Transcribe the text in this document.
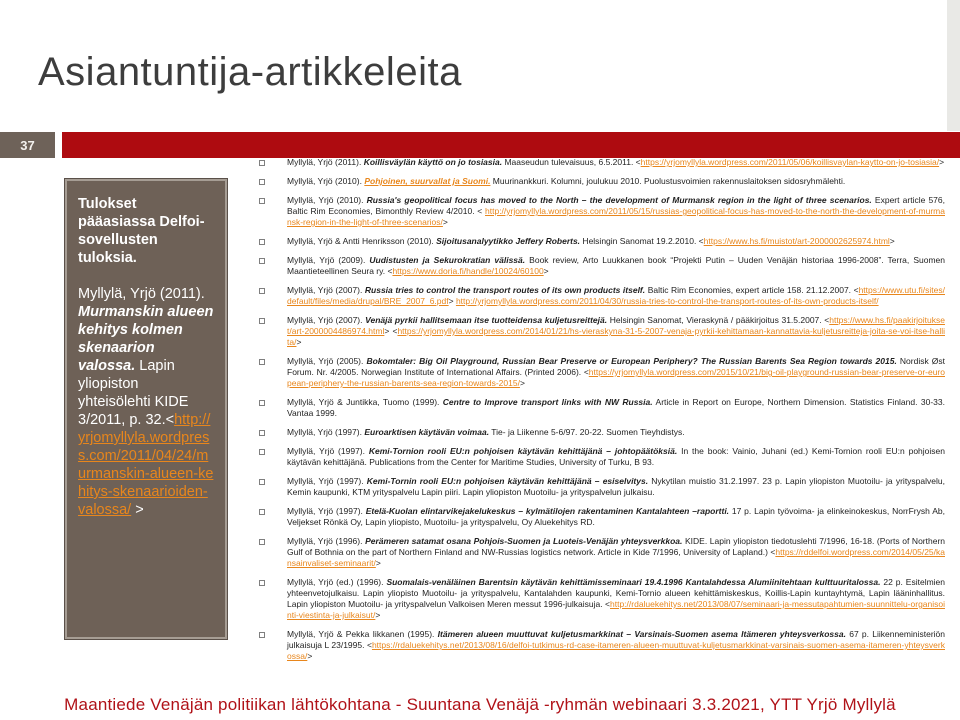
Asiantuntija-artikkeleita
37

Tulokset pääasiassa Delfoi-sovellusten tuloksia.

Myllylä, Yrjö (2011). Murmanskin alueen kehitys kolmen skenaarion valossa. Lapin yliopiston yhteisölehti KIDE 3/2011, p. 32.<http://yrjomyllyla.wordpress.com/2011/04/24/murmanskin-alueen-kehitys-skenaarioiden-valossa/ >

Myllylä, Yrjö (2011). Koillisväylän käyttö on jo tosiasia. Maaseudun tulevaisuus, 6.5.2011. <https://yrjomyllyla.wordpress.com/2011/05/06/koillisvaylan-kaytto-on-jo-tosiasia/>
Myllylä, Yrjö (2010). Pohjoinen, suurvallat ja Suomi. Muurinankkuri. Kolumni, joulukuu 2010. Puolustusvoimien rakennuslaitoksen sidosryhmälehti.
Myllylä, Yrjö (2010). Russia's geopolitical focus has moved to the North – the development of Murmansk region in the light of three scenarios. Expert article 576, Baltic Rim Economies, Bimonthly Review 4/2010. < http://yrjomyllyla.wordpress.com/2011/05/15/russias-geopolitical-focus-has-moved-to-the-north-the-development-of-murmansk-region-in-the-light-of-three-scenarios/>
Myllylä, Yrjö & Antti Henriksson (2010). Sijoitusanalyytikko Jeffery Roberts. Helsingin Sanomat 19.2.2010. <https://www.hs.fi/muistot/art-2000002625974.html>
Myllylä, Yrjö (2009). Uudistusten ja Sekurokratian välissä. Book review, Arto Luukkanen book “Projekti Putin – Uuden Venäjän historiaa 1996-2008”. Terra, Suomen Maantieteellinen Seura ry. <https://www.doria.fi/handle/10024/60100>
Myllylä, Yrjö (2007). Russia tries to control the transport routes of its own products itself. Baltic Rim Economies, expert article 158. 21.12.2007. <https://www.utu.fi/sites/default/files/media/drupal/BRE_2007_6.pdf> http://yrjomyllyla.wordpress.com/2011/04/30/russia-tries-to-control-the-transport-routes-of-its-own-products-itself/
Myllylä, Yrjö (2007). Venäjä pyrkii hallitsemaan itse tuotteidensa kuljetusreittejä. Helsingin Sanomat, Vieraskynä / pääkirjoitus 31.5.2007. <https://www.hs.fi/paakirjoitukset/art-2000004486974.html> <https://yrjomyllyla.wordpress.com/2014/01/21/hs-vieraskyna-31-5-2007-venaja-pyrkii-kehittamaan-kannattavia-kuljetusreitteja-joita-se-voi-itse-hallita/>
Myllylä, Yrjö (2005). Bokomtaler: Big Oil Playground, Russian Bear Preserve or European Periphery? The Russian Barents Sea Region towards 2015. Nordisk Øst Forum. Nr. 4/2005. Norwegian Institute of International Affairs. (Printed 2006). <https://yrjomyllyla.wordpress.com/2015/10/21/big-oil-playground-russian-bear-preserve-or-european-periphery-the-russian-barents-sea-region-towards-2015/>
Myllylä, Yrjö & Juntikka, Tuomo (1999). Centre to Improve transport links with NW Russia. Article in Report on Europe, Northern Dimension. Statistics Finland. 30-33. Vantaa 1999.
Myllylä, Yrjö (1997). Euroarktisen käytävän voimaa. Tie- ja Liikenne 5-6/97. 20-22. Suomen Tieyhdistys.
Myllylä, Yrjö (1997). Kemi-Tornion rooli EU:n pohjoisen käytävän kehittäjänä – johtopäätöksiä. In the book: Vainio, Juhani (ed.) Kemi-Tornion rooli EU:n pohjoisen käytävän kehittäjänä. Publications from the Center for Maritime Studies, University of Turku, B 93.
Myllylä, Yrjö (1997). Kemi-Tornin rooli EU:n pohjoisen käytävän kehittäjänä – esiselvitys. Nykytilan muistio 31.2.1997. 23 p. Lapin yliopiston Muotoilu- ja yrityspalvelu, Kemin kaupunki, KTM yrityspalvelu Lapin piiri. Lapin yliopiston Muotoilu- ja yrityspalvelun julkaisu.
Myllylä, Yrjö (1997). Etelä-Kuolan elintarvikejakelukeskus – kylmätilojen rakentaminen Kantalahteen –raportti. 17 p. Lapin työvoima- ja elinkeinokeskus, NorrFrysh Ab, Veljekset Rönkä Oy, Lapin yliopisto, Muotoilu- ja yrityspalvelu, Oy Aluekehitys RD.
Myllylä, Yrjö (1996). Perämeren satamat osana Pohjois-Suomen ja Luoteis-Venäjän yhteysverkkoa. KIDE. Lapin yliopiston tiedotuslehti 7/1996, 16-18. (Ports of Northern Gulf of Bothnia on the part of Northern Finland and NW-Russias logistics network. Article in Kide 7/1996, University of Lapland.) <https://rddelfoi.wordpress.com/2014/05/25/kansainvaliset-seminaarit/>
Myllylä, Yrjö (ed.) (1996). Suomalais-venäläinen Barentsin käytävän kehittämisseminaari 19.4.1996 Kantalahdessa Alumiinitehtaan kulttuuritalossa. 22 p. Esitelmien yhteenvetojulkaisu. Lapin yliopisto Muotoilu- ja yrityspalvelu, Kantalahden kaupunki, Kemi-Tornio alueen kehittämiskeskus, Koillis-Lapin kuntayhtymä, Lapin lääninhallitus. Lapin yliopiston Muotoilu- ja yrityspalvelun Valkoisen Meren messut 1996-julkaisuja. <http://rdaluekehitys.net/2013/08/07/seminaari-ja-messutapahtumien-suunnittelu-organisointi-viestinta-ja-julkaisut/>
Myllylä, Yrjö & Pekka Iikkanen (1995). Itämeren alueen muuttuvat kuljetusmarkkinat – Varsinais-Suomen asema Itämeren yhteysverkossa. 67 p. Liikenneministeriön julkaisuja L 23/1995. <https://rdaluekehitys.net/2013/08/16/delfoi-tutkimus-rd-case-itameren-alueen-muuttuvat-kuljetusmarkkinat-varsinais-suomen-asema-itameren-yhteysverkossa/>
Maantiede Venäjän politiikan lähtökohtana - Suuntana Venäjä -ryhmän webinaari 3.3.2021, YTT Yrjö Myllylä
